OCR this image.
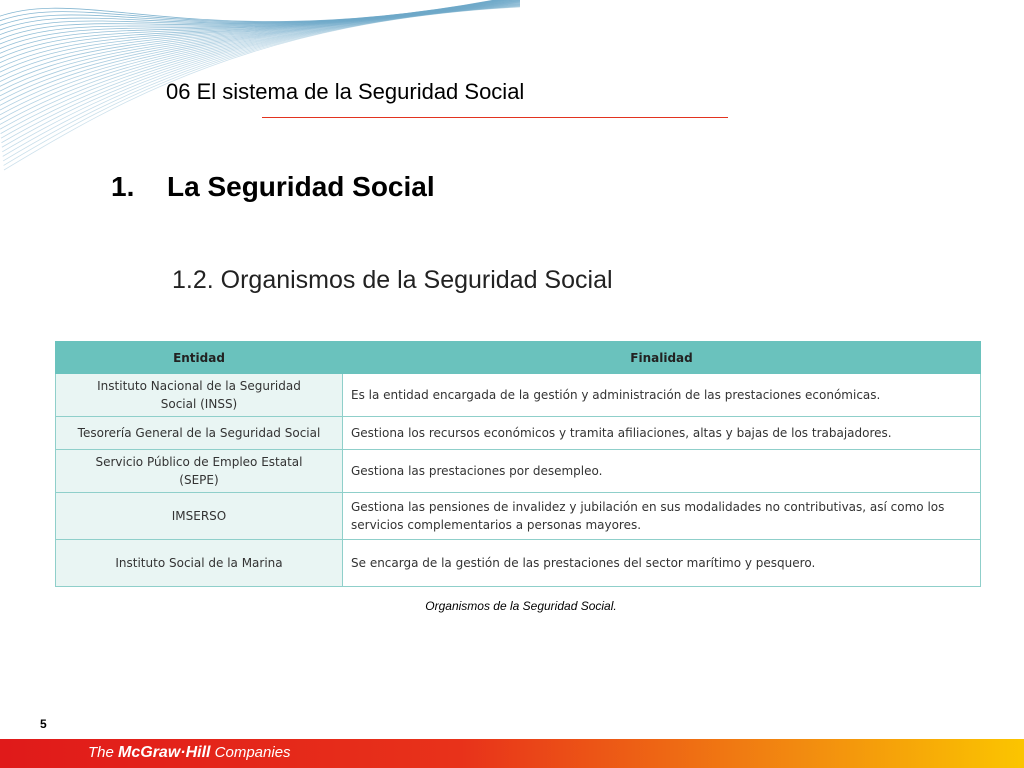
06 El sistema de la Seguridad Social
1. La Seguridad Social
1.2. Organismos de la Seguridad Social
Entidad	Finalidad

Instituto Nacional de la Seguridad
Social (INSS)	Es la entidad encargada de la gestión y administración de las prestaciones económicas.

Tesorería General de la Seguridad Social	Gestiona los recursos económicos y tramita afiliaciones, altas y bajas de los trabajadores.

Servicio Público de Empleo Estatal
(SEPE)	Gestiona las prestaciones por desempleo.

IMSERSO	Gestiona las pensiones de invalidez y jubilación en sus modalidades no contributivas, así como los
servicios complementarios a personas mayores.

Instituto Social de la Marina	Se encarga de la gestión de las prestaciones del sector marítimo y pesquero.
Organismos de la Seguridad Social.
5
The McGraw·Hill Companies
